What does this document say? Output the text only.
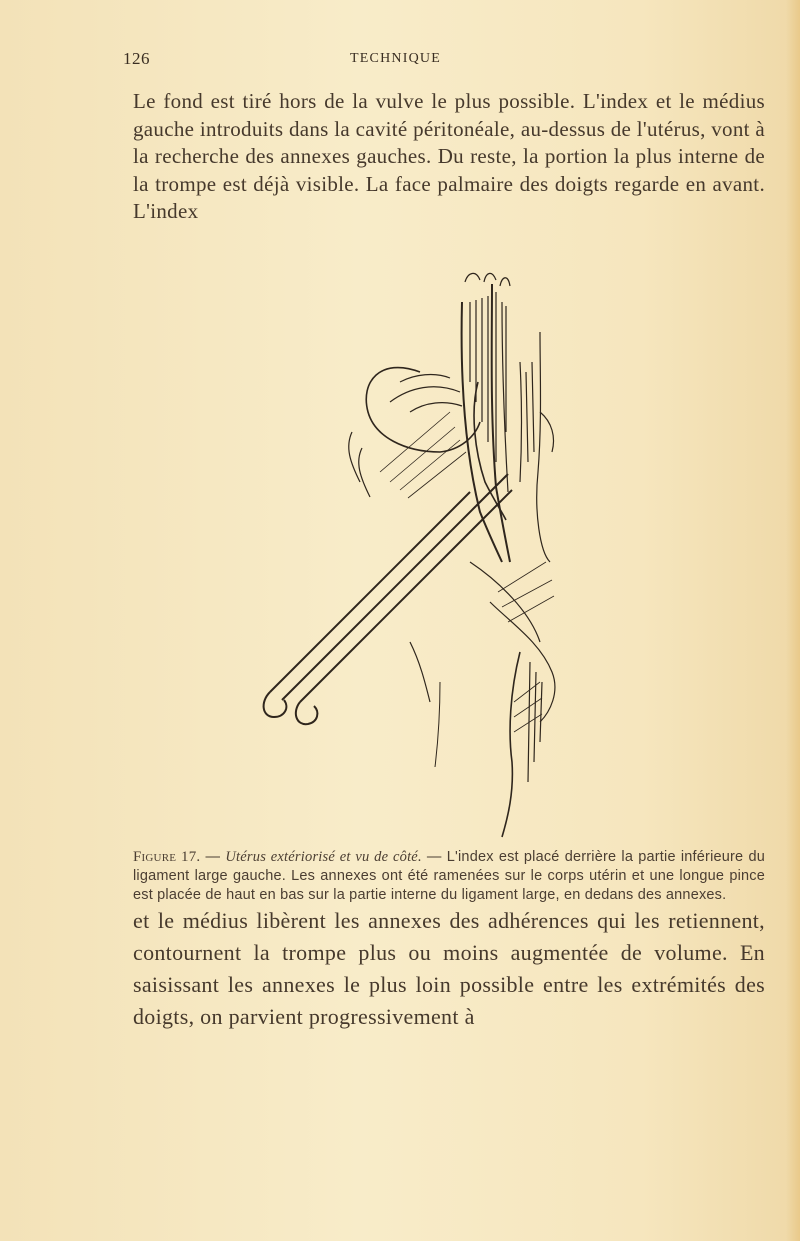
126	TECHNIQUE
Le fond est tiré hors de la vulve le plus possible. L'index et le médius gauche introduits dans la cavité péritonéale, au-dessus de l'utérus, vont à la recherche des annexes gauches. Du reste, la portion la plus interne de la trompe est déjà visible. La face palmaire des doigts regarde en avant. L'index
Figure 17. — Utérus extériorisé et vu de côté. — L'index est placé derrière la partie inférieure du ligament large gauche. Les annexes ont été ramenées sur le corps utérin et une longue pince est placée de haut en bas sur la partie interne du ligament large, en dedans des annexes.
et le médius libèrent les annexes des adhérences qui les retiennent, contournent la trompe plus ou moins augmentée de volume. En saisissant les annexes le plus loin possible entre les extrémités des doigts, on parvient progressivement à
